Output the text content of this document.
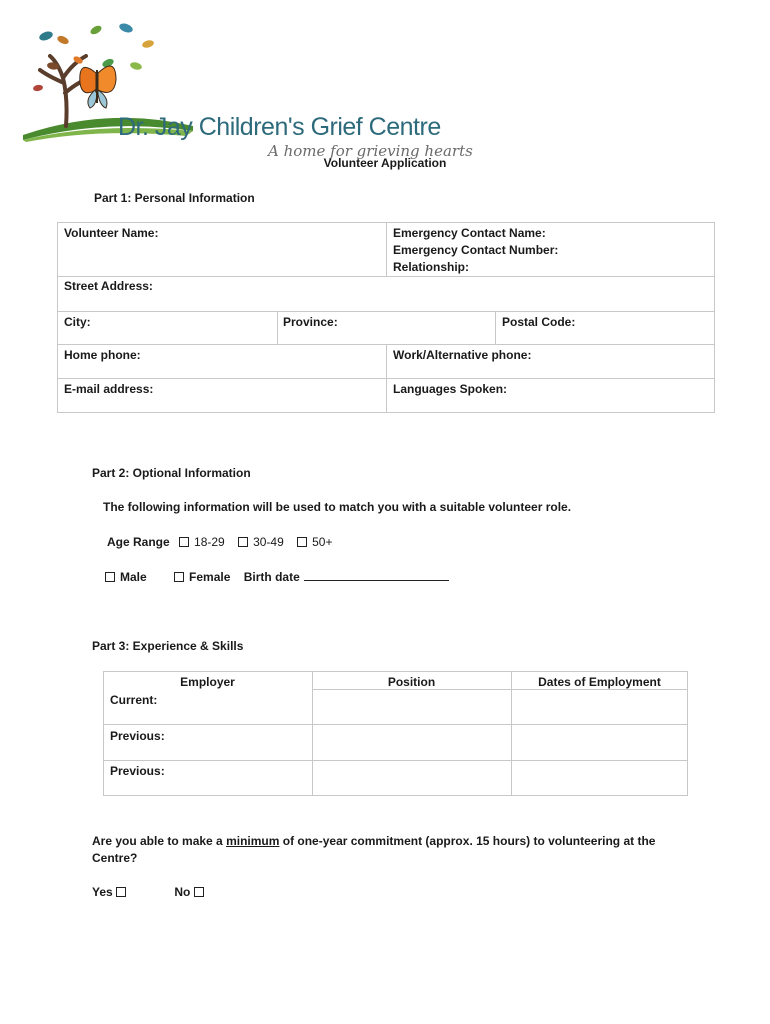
Dr. Jay Children's Grief Centre
A home for grieving hearts
Volunteer Application
Part 1: Personal Information
Volunteer Name:	Emergency Contact Name:
Emergency Contact Number:
Relationship:
Street Address:
City:	Province:	Postal Code:
Home phone:	Work/Alternative phone:
E-mail address:	Languages Spoken:
Part 2: Optional Information
The following information will be used to match you with a suitable volunteer role.
Age Range 18-29 30-49 50+
Male	Female Birth date
Part 3: Experience & Skills
Employer	Position	Dates of Employment
Current:
Previous:
Previous:
Are you able to make a minimum of one-year commitment (approx. 15 hours) to volunteering at the
Centre?
Yes	No
